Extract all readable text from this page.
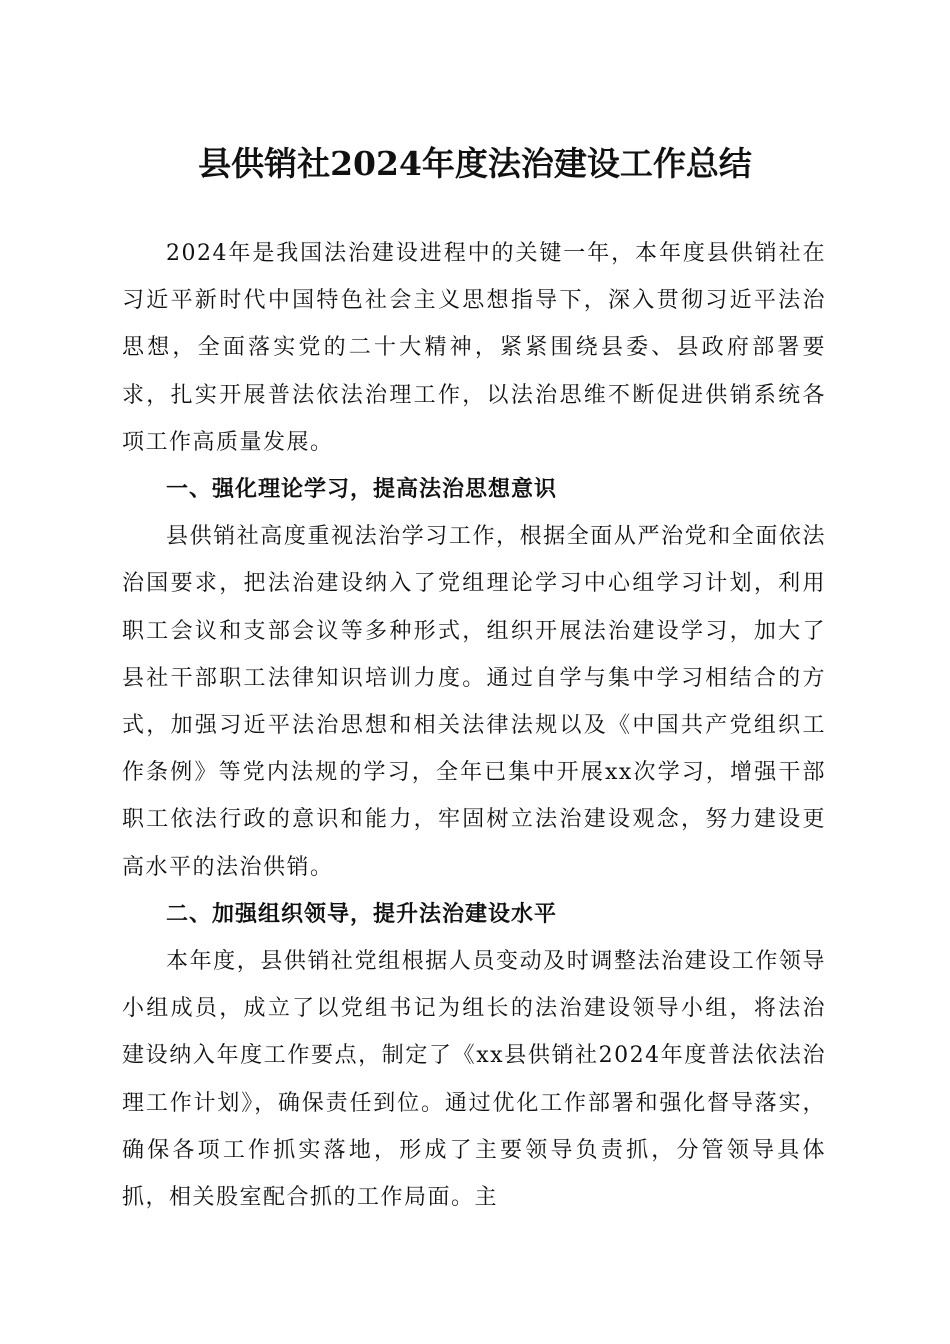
县供销社2024年度法治建设工作总结

2024年是我国法治建设进程中的关键一年，本年度县供销社在习近平新时代中国特色社会主义思想指导下，深入贯彻习近平法治思想，全面落实党的二十大精神，紧紧围绕县委、县政府部署要求，扎实开展普法依法治理工作，以法治思维不断促进供销系统各项工作高质量发展。

一、强化理论学习，提高法治思想意识

县供销社高度重视法治学习工作，根据全面从严治党和全面依法治国要求，把法治建设纳入了党组理论学习中心组学习计划，利用职工会议和支部会议等多种形式，组织开展法治建设学习，加大了县社干部职工法律知识培训力度。通过自学与集中学习相结合的方式，加强习近平法治思想和相关法律法规以及《中国共产党组织工作条例》等党内法规的学习，全年已集中开展xx次学习，增强干部职工依法行政的意识和能力，牢固树立法治建设观念，努力建设更高水平的法治供销。

二、加强组织领导，提升法治建设水平

本年度，县供销社党组根据人员变动及时调整法治建设工作领导小组成员，成立了以党组书记为组长的法治建设领导小组，将法治建设纳入年度工作要点，制定了《xx县供销社2024年度普法依法治理工作计划》，确保责任到位。通过优化工作部署和强化督导落实，确保各项工作抓实落地，形成了主要领导负责抓，分管领导具体抓，相关股室配合抓的工作局面。主
